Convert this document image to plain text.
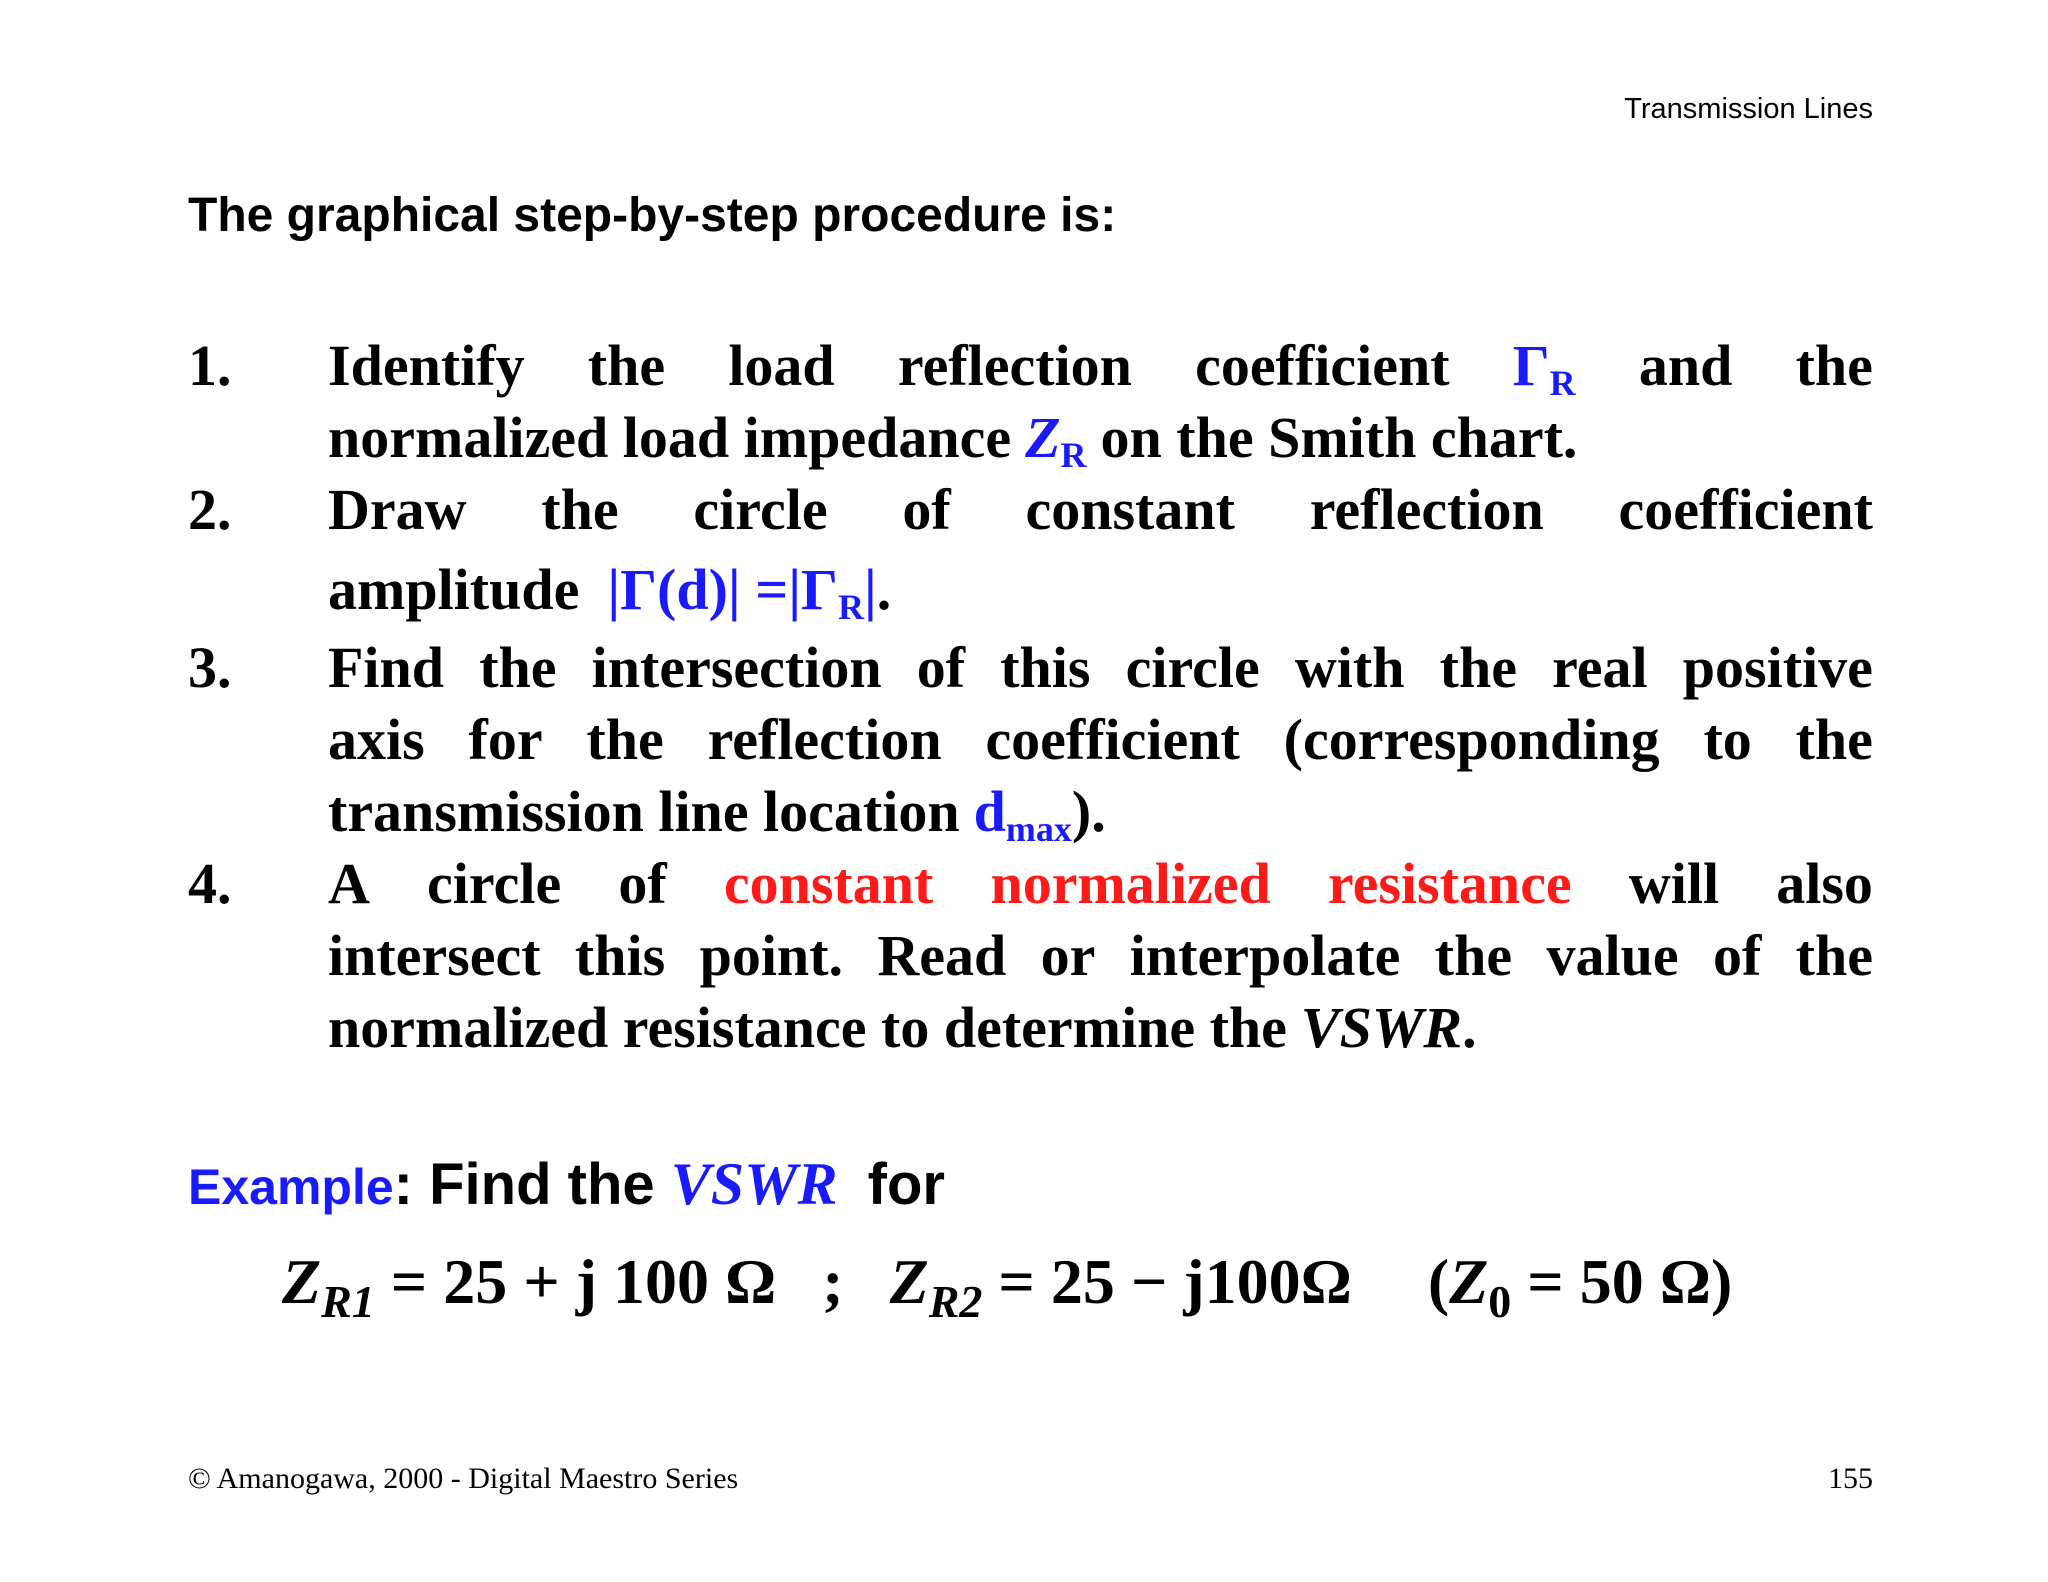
Transmission Lines
The graphical step-by-step procedure is:
1.	Identify the load reflection coefficient $\Gamma_R$ and the
normalized load impedance $Z_R$ on the Smith chart.
2.	Draw the circle of constant reflection coefficient
amplitude $|\Gamma(d)| =|\Gamma_R|$.
3.	Find the intersection of this circle with the real positive
axis for the reflection coefficient (corresponding to the
transmission line location $d_{max}$).
4.	A circle of constant normalized resistance will also
intersect this point. Read or interpolate the value of the
normalized resistance to determine the VSWR.
Example: Find the VSWR for
$Z_{R1} = 25 + j$ 100 Ω ; $Z_{R2} = 25 - j100\Omega$ ($Z_0 = 50$ Ω)
© Amanogawa, 2000 - Digital Maestro Series	155
